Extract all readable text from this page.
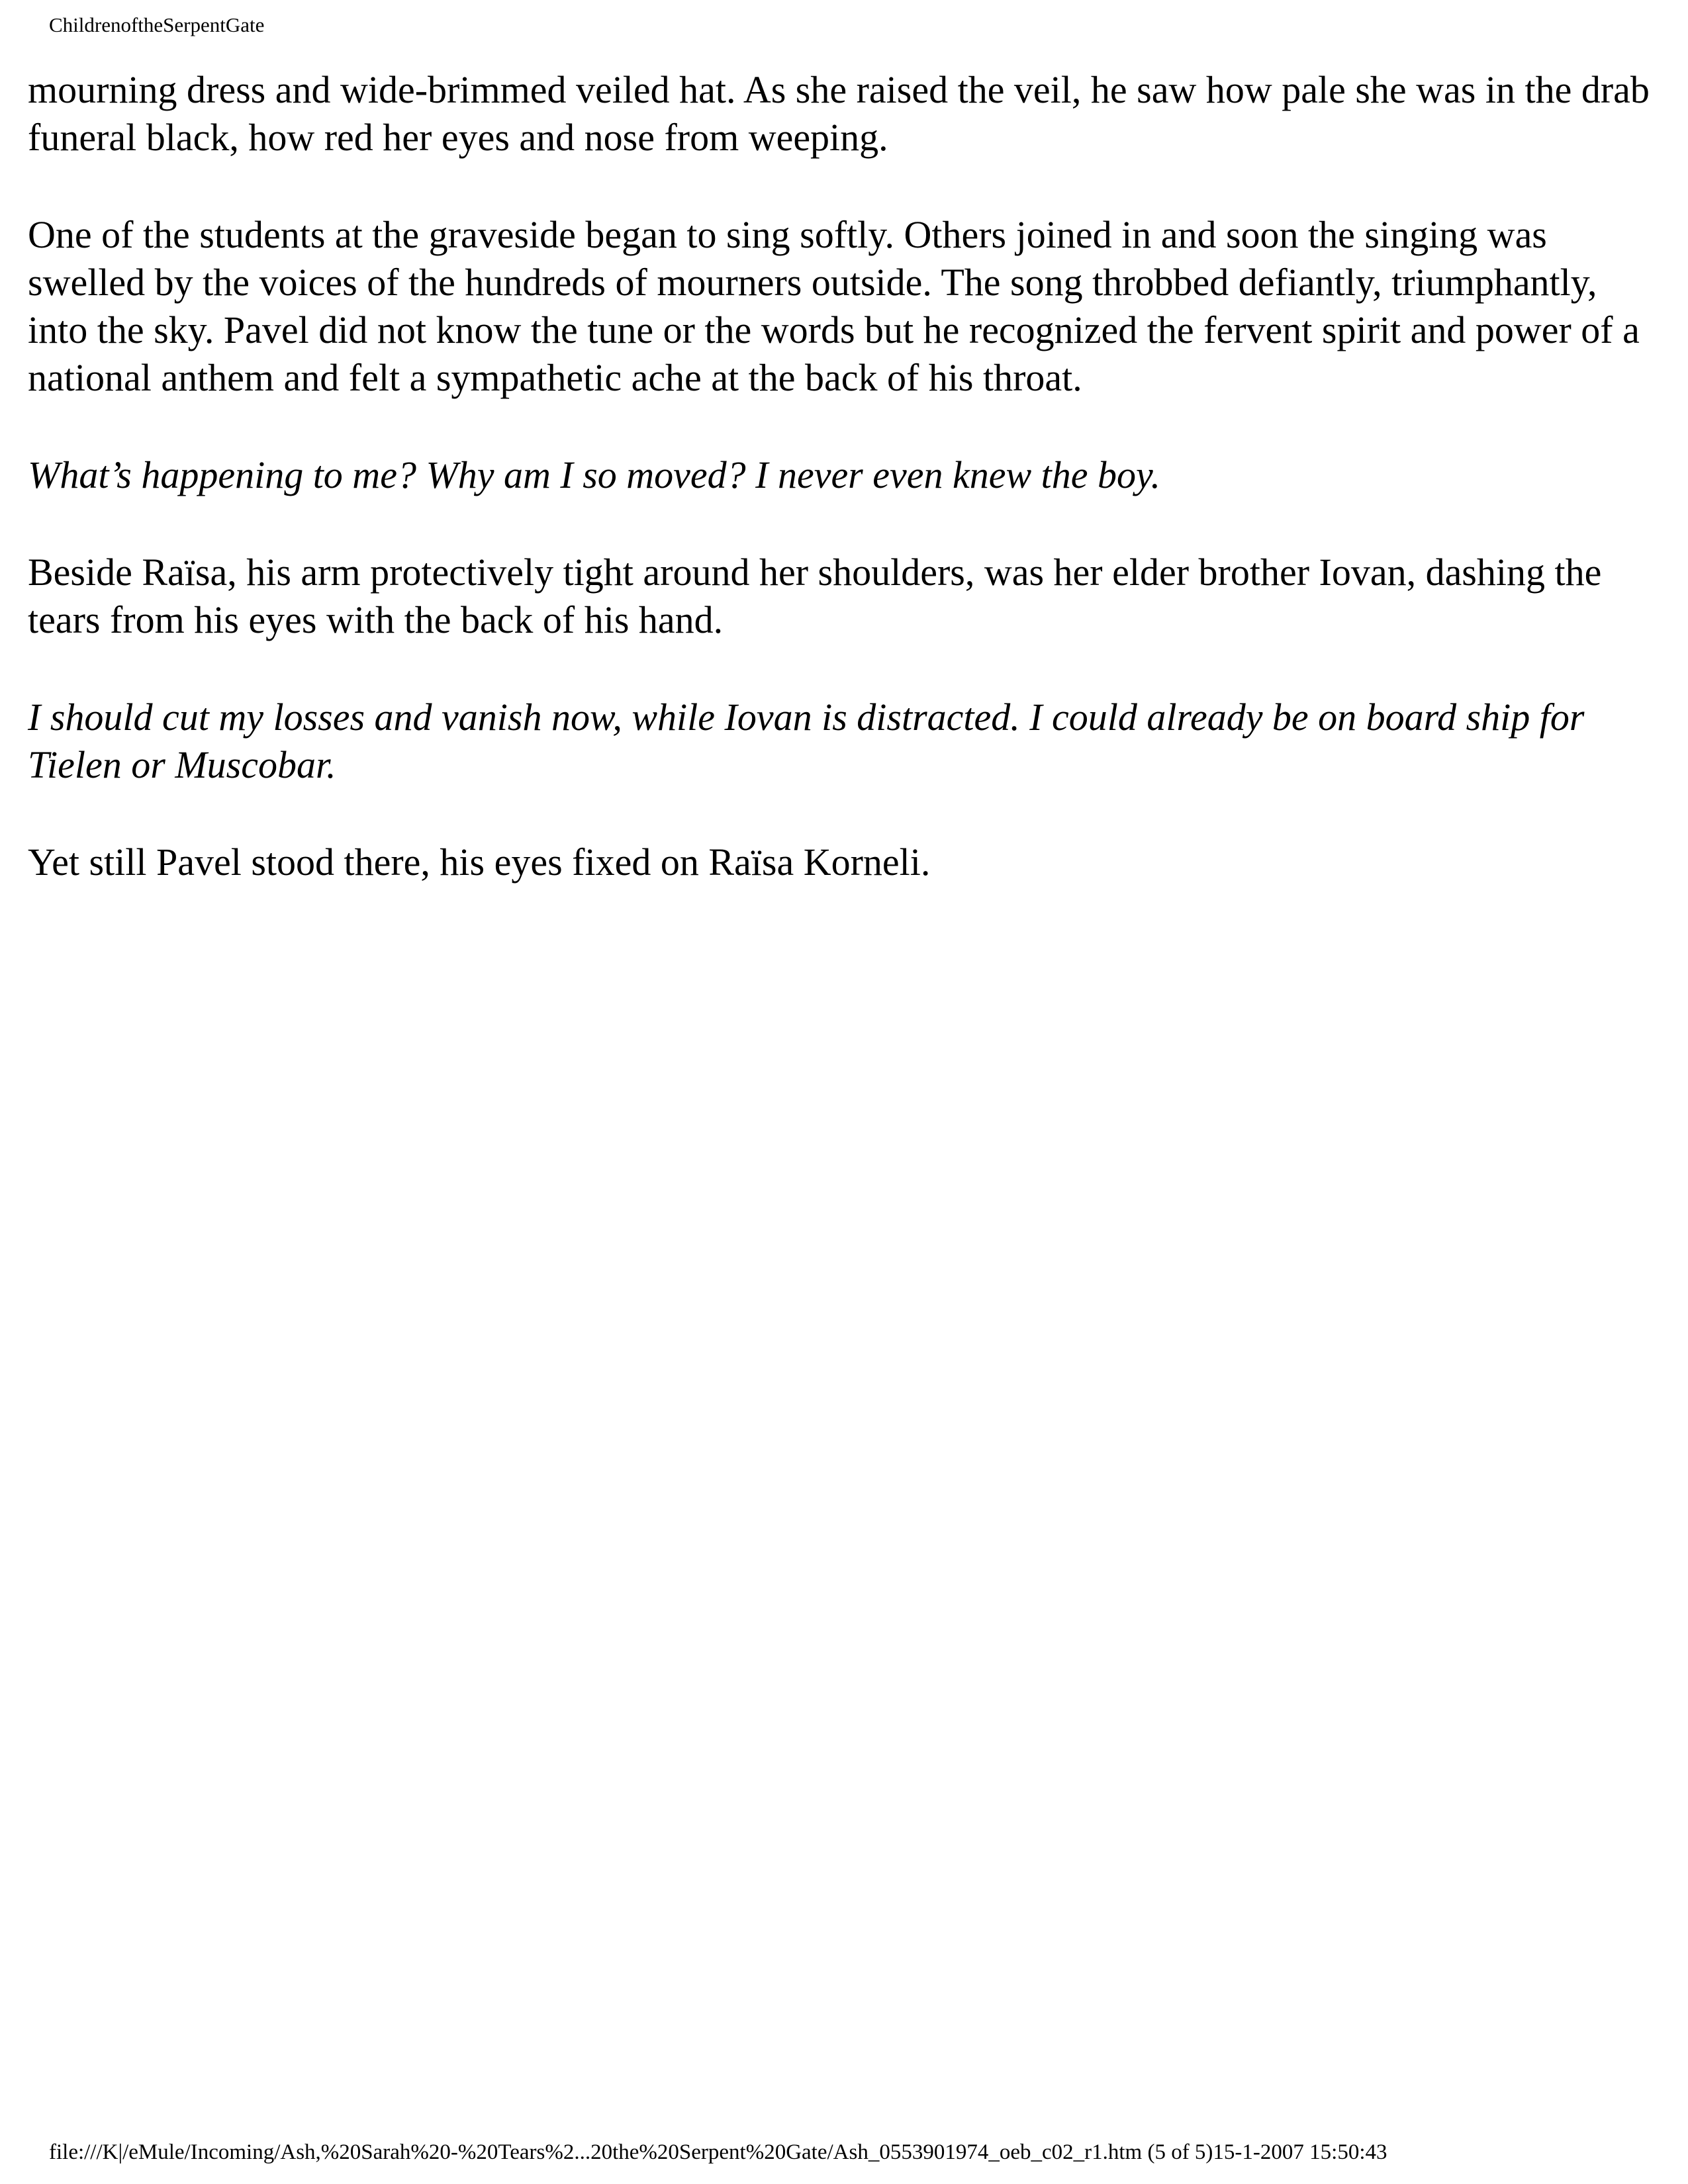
ChildrenoftheSerpentGate

mourning dress and wide-brimmed veiled hat. As she raised the veil, he saw how pale she was in the drab funeral black, how red her eyes and nose from weeping.

One of the students at the graveside began to sing softly. Others joined in and soon the singing was swelled by the voices of the hundreds of mourners outside. The song throbbed defiantly, triumphantly, into the sky. Pavel did not know the tune or the words but he recognized the fervent spirit and power of a national anthem and felt a sympathetic ache at the back of his throat.

What’s happening to me? Why am I so moved? I never even knew the boy.

Beside Raïsa, his arm protectively tight around her shoulders, was her elder brother Iovan, dashing the tears from his eyes with the back of his hand.

I should cut my losses and vanish now, while Iovan is distracted. I could already be on board ship for Tielen or Muscobar.

Yet still Pavel stood there, his eyes fixed on Raïsa Korneli.

file:///K|/eMule/Incoming/Ash,%20Sarah%20-%20Tears%2...20the%20Serpent%20Gate/Ash_0553901974_oeb_c02_r1.htm (5 of 5)15-1-2007 15:50:43
